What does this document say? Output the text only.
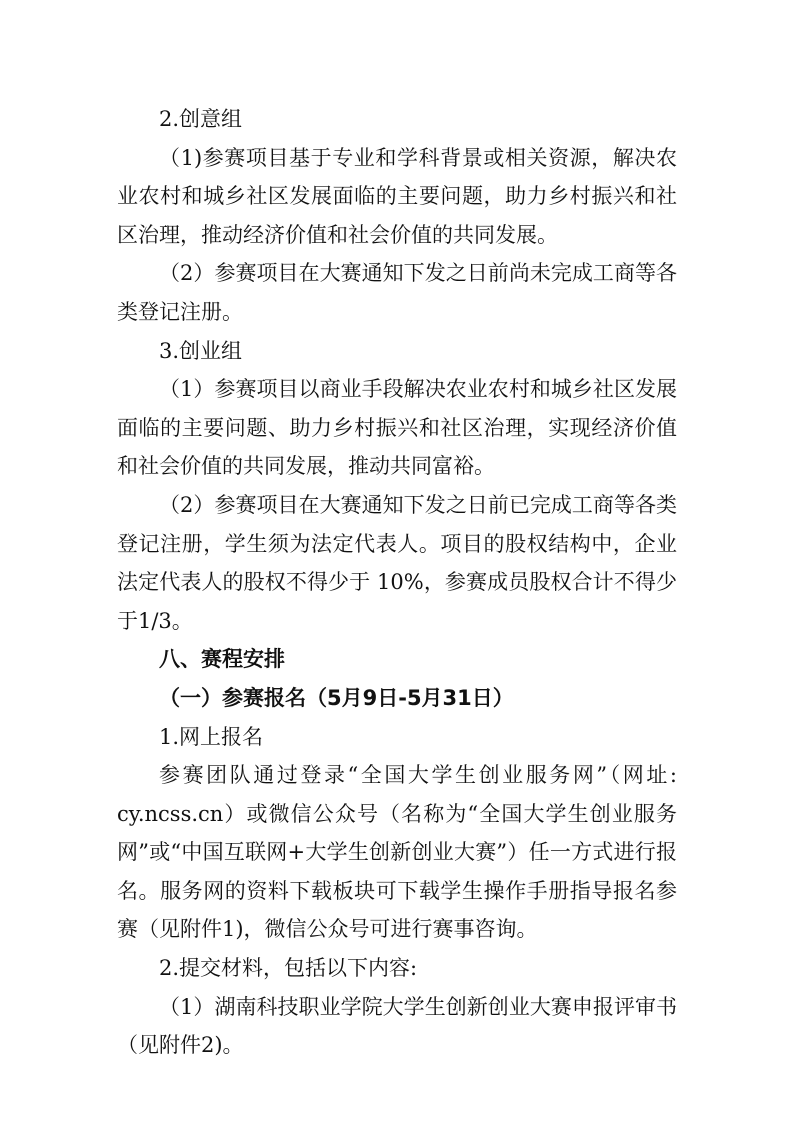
2.创意组

（1)参赛项目基于专业和学科背景或相关资源，解决农业农村和城乡社区发展面临的主要问题，助力乡村振兴和社区治理，推动经济价值和社会价值的共同发展。

（2）参赛项目在大赛通知下发之日前尚未完成工商等各类登记注册。

3.创业组

（1）参赛项目以商业手段解决农业农村和城乡社区发展面临的主要问题、助力乡村振兴和社区治理，实现经济价值和社会价值的共同发展，推动共同富裕。

（2）参赛项目在大赛通知下发之日前已完成工商等各类登记注册，学生须为法定代表人。项目的股权结构中，企业法定代表人的股权不得少于 10%，参赛成员股权合计不得少于1/3。

八、赛程安排

（一）参赛报名（5月9日-5月31日）

1.网上报名

参赛团队通过登录“全国大学生创业服务网”（网址: cy.ncss.cn）或微信公众号（名称为“全国大学生创业服务网”或“中国互联网+大学生创新创业大赛”）任一方式进行报名。服务网的资料下载板块可下载学生操作手册指导报名参赛（见附件1)，微信公众号可进行赛事咨询。

2.提交材料，包括以下内容:

（1）湖南科技职业学院大学生创新创业大赛申报评审书（见附件2)。
